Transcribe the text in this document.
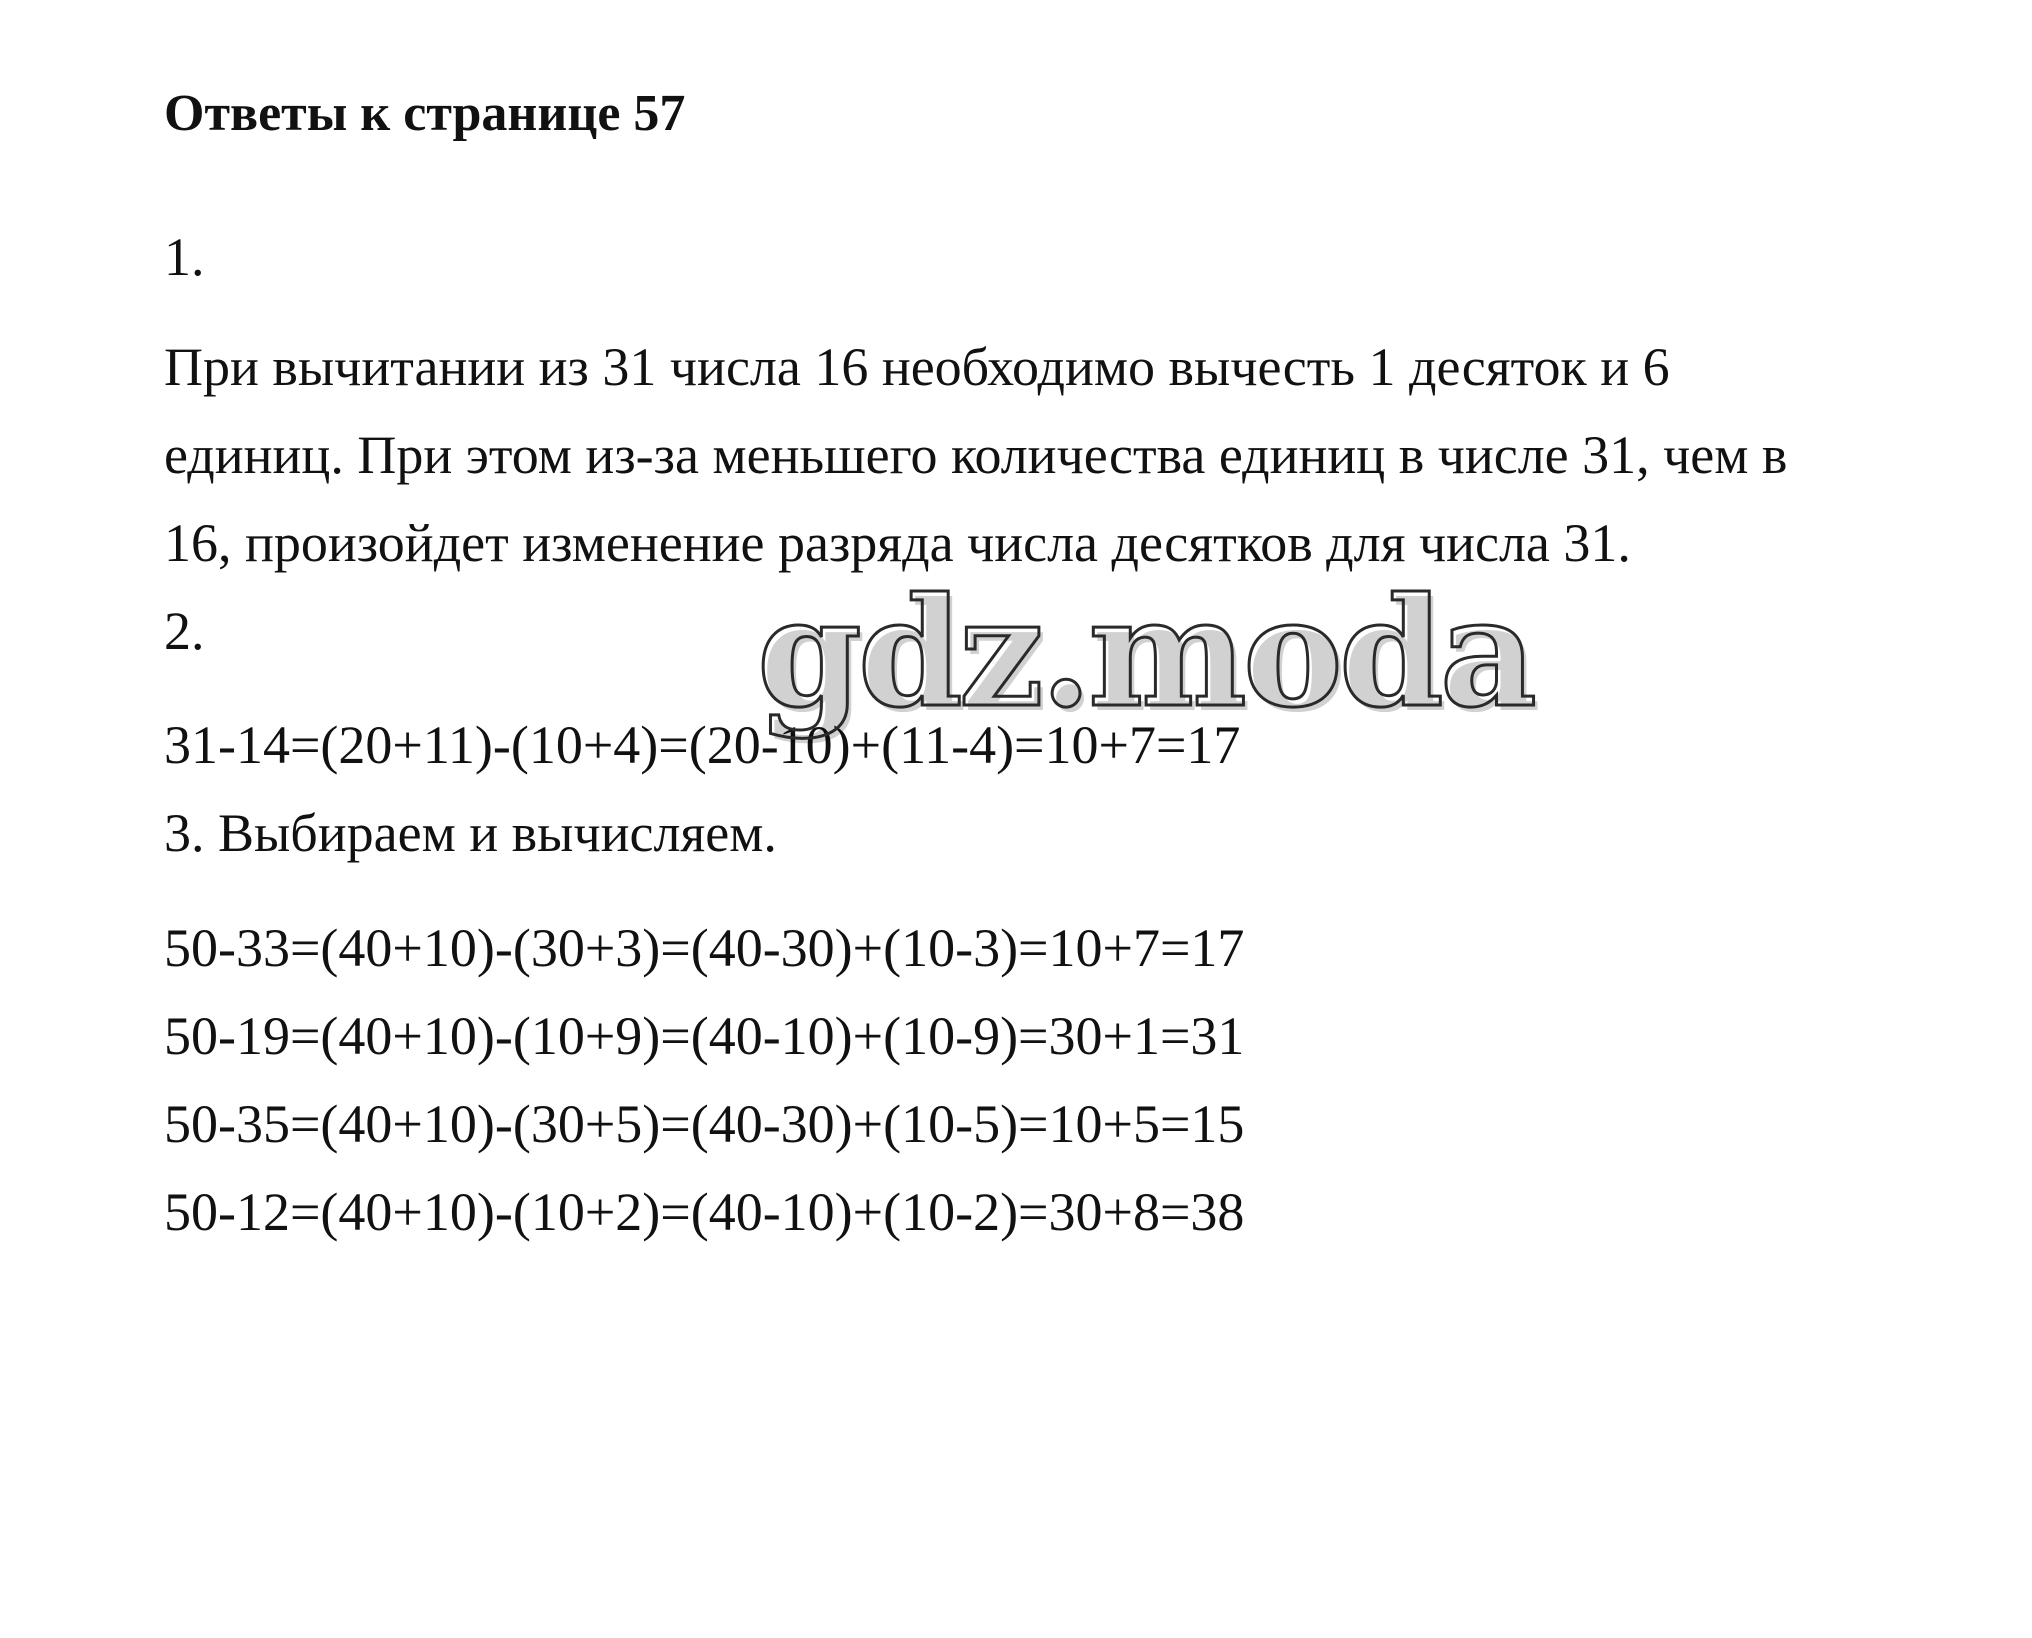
Ответы к странице 57
1.
При вычитании из 31 числа 16 необходимо вычесть 1 десяток и 6
единиц. При этом из-за меньшего количества единиц в числе 31, чем в
16, произойдет изменение разряда числа десятков для числа 31.
2.
31-14=(20+11)-(10+4)=(20-10)+(11-4)=10+7=17
3. Выбираем и вычисляем.
50-33=(40+10)-(30+3)=(40-30)+(10-3)=10+7=17
50-19=(40+10)-(10+9)=(40-10)+(10-9)=30+1=31
50-35=(40+10)-(30+5)=(40-30)+(10-5)=10+5=15
50-12=(40+10)-(10+2)=(40-10)+(10-2)=30+8=38
gdz.moda
